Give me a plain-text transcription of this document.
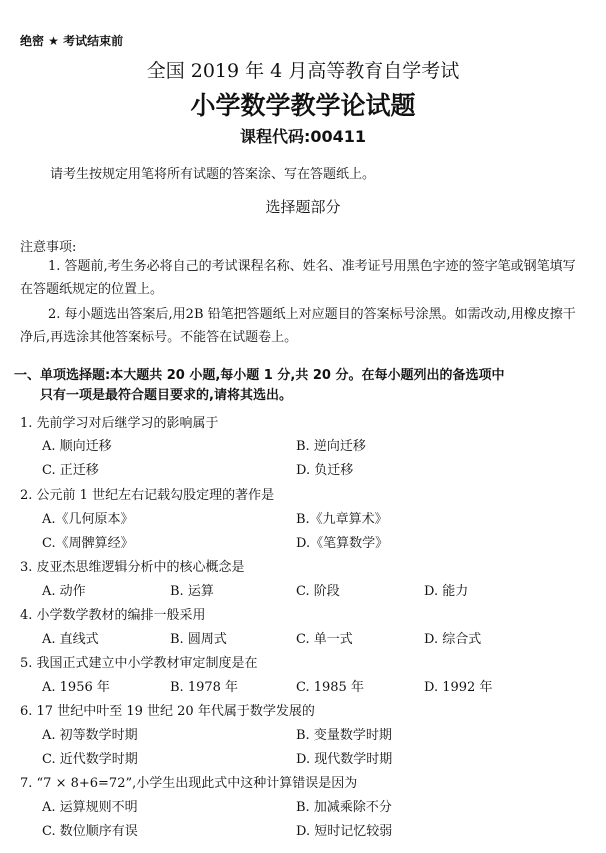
绝密 ★ 考试结束前
全国 2019 年 4 月高等教育自学考试
小学数学教学论试题
课程代码:00411
请考生按规定用笔将所有试题的答案涂、写在答题纸上。
选择题部分
注意事项:
1. 答题前,考生务必将自己的考试课程名称、姓名、准考证号用黑色字迹的签字笔或钢笔填写在答题纸规定的位置上。
2. 每小题选出答案后,用2B 铅笔把答题纸上对应题目的答案标号涂黑。如需改动,用橡皮擦干净后,再选涂其他答案标号。不能答在试题卷上。
一、单项选择题:本大题共 20 小题,每小题 1 分,共 20 分。在每小题列出的备选项中
只有一项是最符合题目要求的,请将其选出。
1. 先前学习对后继学习的影响属于
A. 顺向迁移	B. 逆向迁移
C. 正迁移	D. 负迁移
2. 公元前 1 世纪左右记载勾股定理的著作是
A.《几何原本》	B.《九章算术》
C.《周髀算经》	D.《笔算数学》
3. 皮亚杰思维逻辑分析中的核心概念是
A. 动作	B. 运算	C. 阶段	D. 能力
4. 小学数学教材的编排一般采用
A. 直线式	B. 圆周式	C. 单一式	D. 综合式
5. 我国正式建立中小学教材审定制度是在
A. 1956 年	B. 1978 年	C. 1985 年	D. 1992 年
6. 17 世纪中叶至 19 世纪 20 年代属于数学发展的
A. 初等数学时期	B. 变量数学时期
C. 近代数学时期	D. 现代数学时期
7. “7 × 8+6=72”,小学生出现此式中这种计算错误是因为
A. 运算规则不明	B. 加减乘除不分
C. 数位顺序有误	D. 短时记忆较弱
